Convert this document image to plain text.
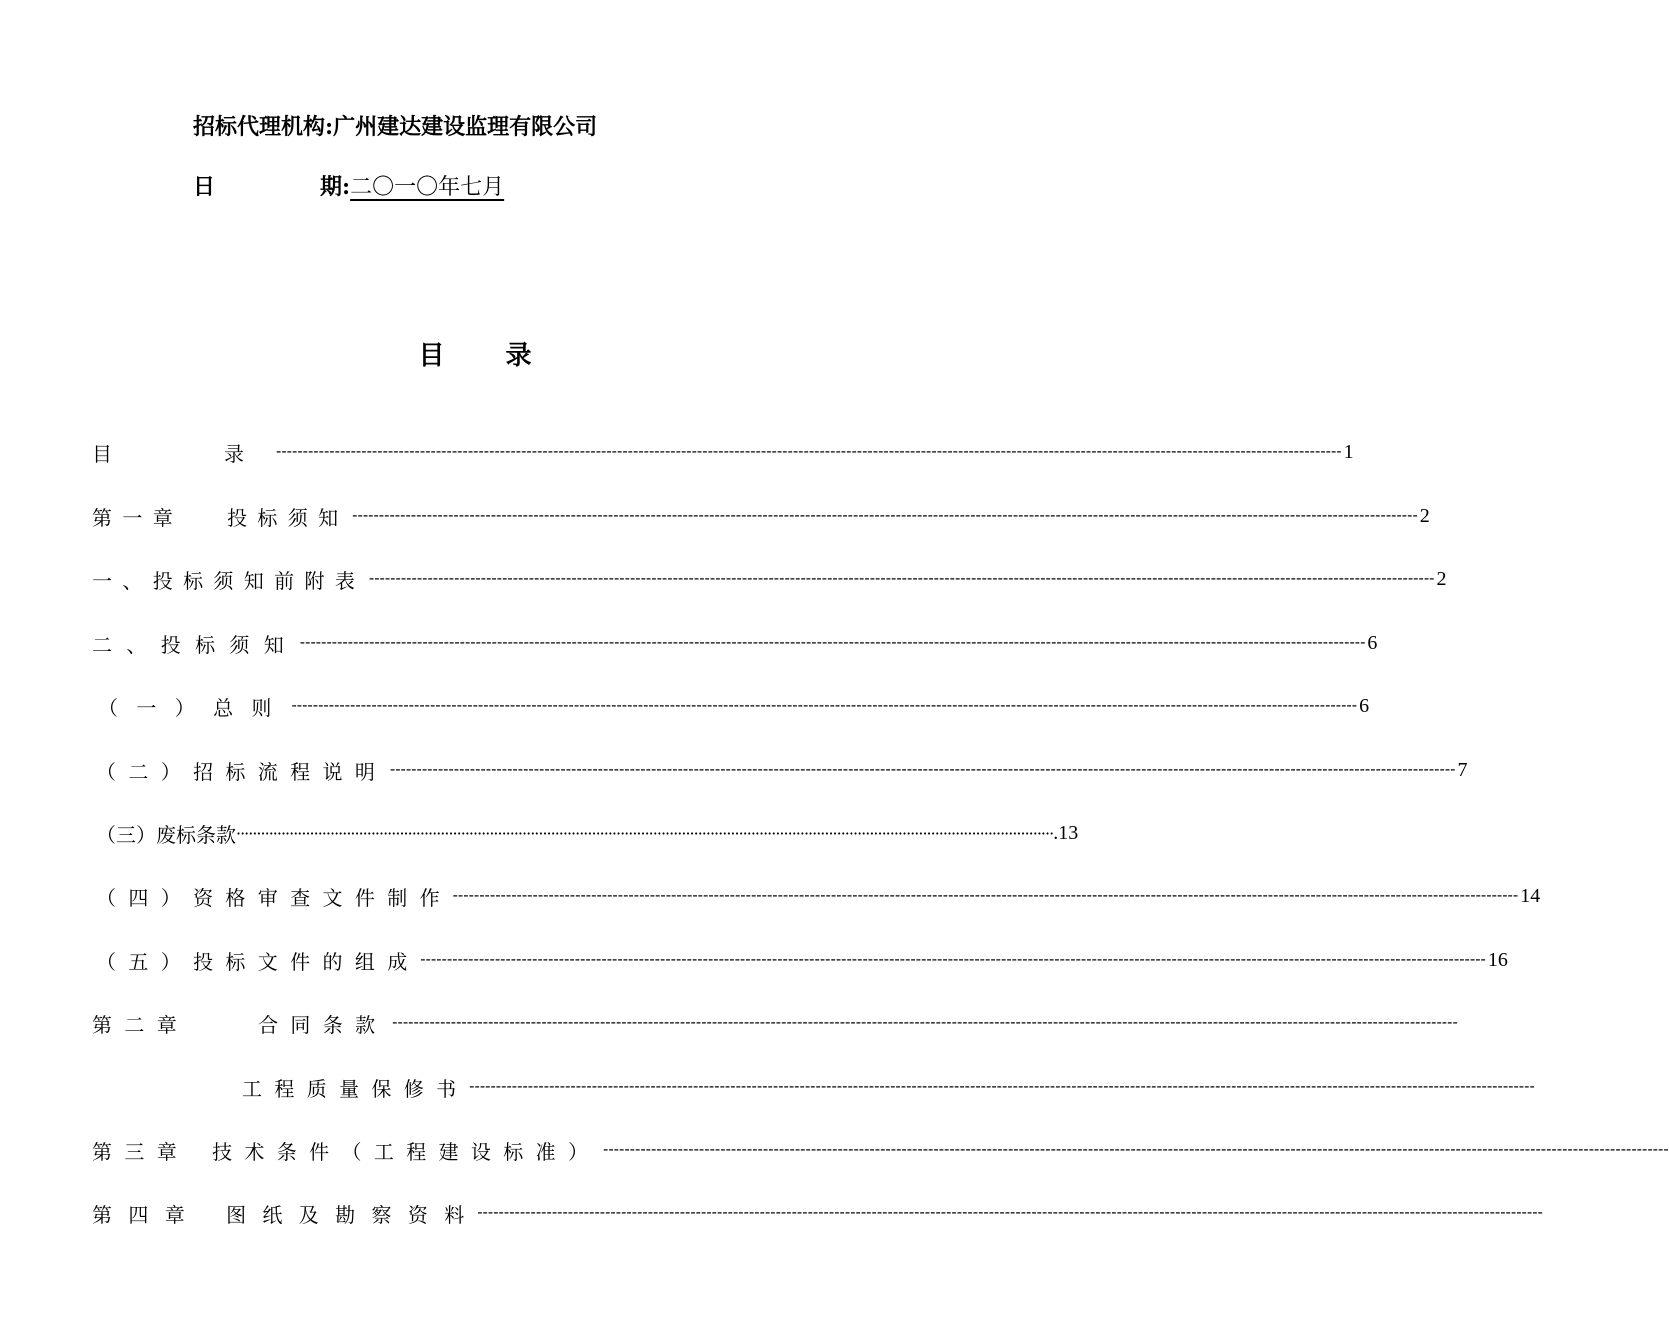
招标代理机构:广州建达建设监理有限公司
日	期:二〇一〇年七月
目 录
目　　　　　录 -------------------------------------------------------------------------------------------------------------------------------------------------------------------------------------------------------- 1
第 一 章　　 投 标 须 知 -------------------------------------------------------------------------------------------------------------------------------------------------------------------------------------------------------- 2
一 、 投 标 须 知 前 附 表 -------------------------------------------------------------------------------------------------------------------------------------------------------------------------------------------------------- 2
二 、 投 标 须 知 -------------------------------------------------------------------------------------------------------------------------------------------------------------------------------------------------------- 6
（ 一 ） 总 则 -------------------------------------------------------------------------------------------------------------------------------------------------------------------------------------------------------- 6
（ 二 ） 招 标 流 程 说 明 -------------------------------------------------------------------------------------------------------------------------------------------------------------------------------------------------------- 7
（三）废标条款 ········································································································································································································ .13
（ 四 ） 资 格 审 查 文 件 制 作 -------------------------------------------------------------------------------------------------------------------------------------------------------------------------------------------------------- 14
（ 五 ） 投 标 文 件 的 组 成 -------------------------------------------------------------------------------------------------------------------------------------------------------------------------------------------------------- 16
第 二 章　　　 合 同 条 款 --------------------------------------------------------------------------------------------------------------------------------------------------------------------------------------------------------
工 程 质 量 保 修 书 --------------------------------------------------------------------------------------------------------------------------------------------------------------------------------------------------------
第 三 章　 技 术 条 件 （ 工 程 建 设 标 准 ） --------------------------------------------------------------------------------------------------------------------------------------------------------------------------------------------------------
第 四 章　 图 纸 及 勘 察 资 料 --------------------------------------------------------------------------------------------------------------------------------------------------------------------------------------------------------
